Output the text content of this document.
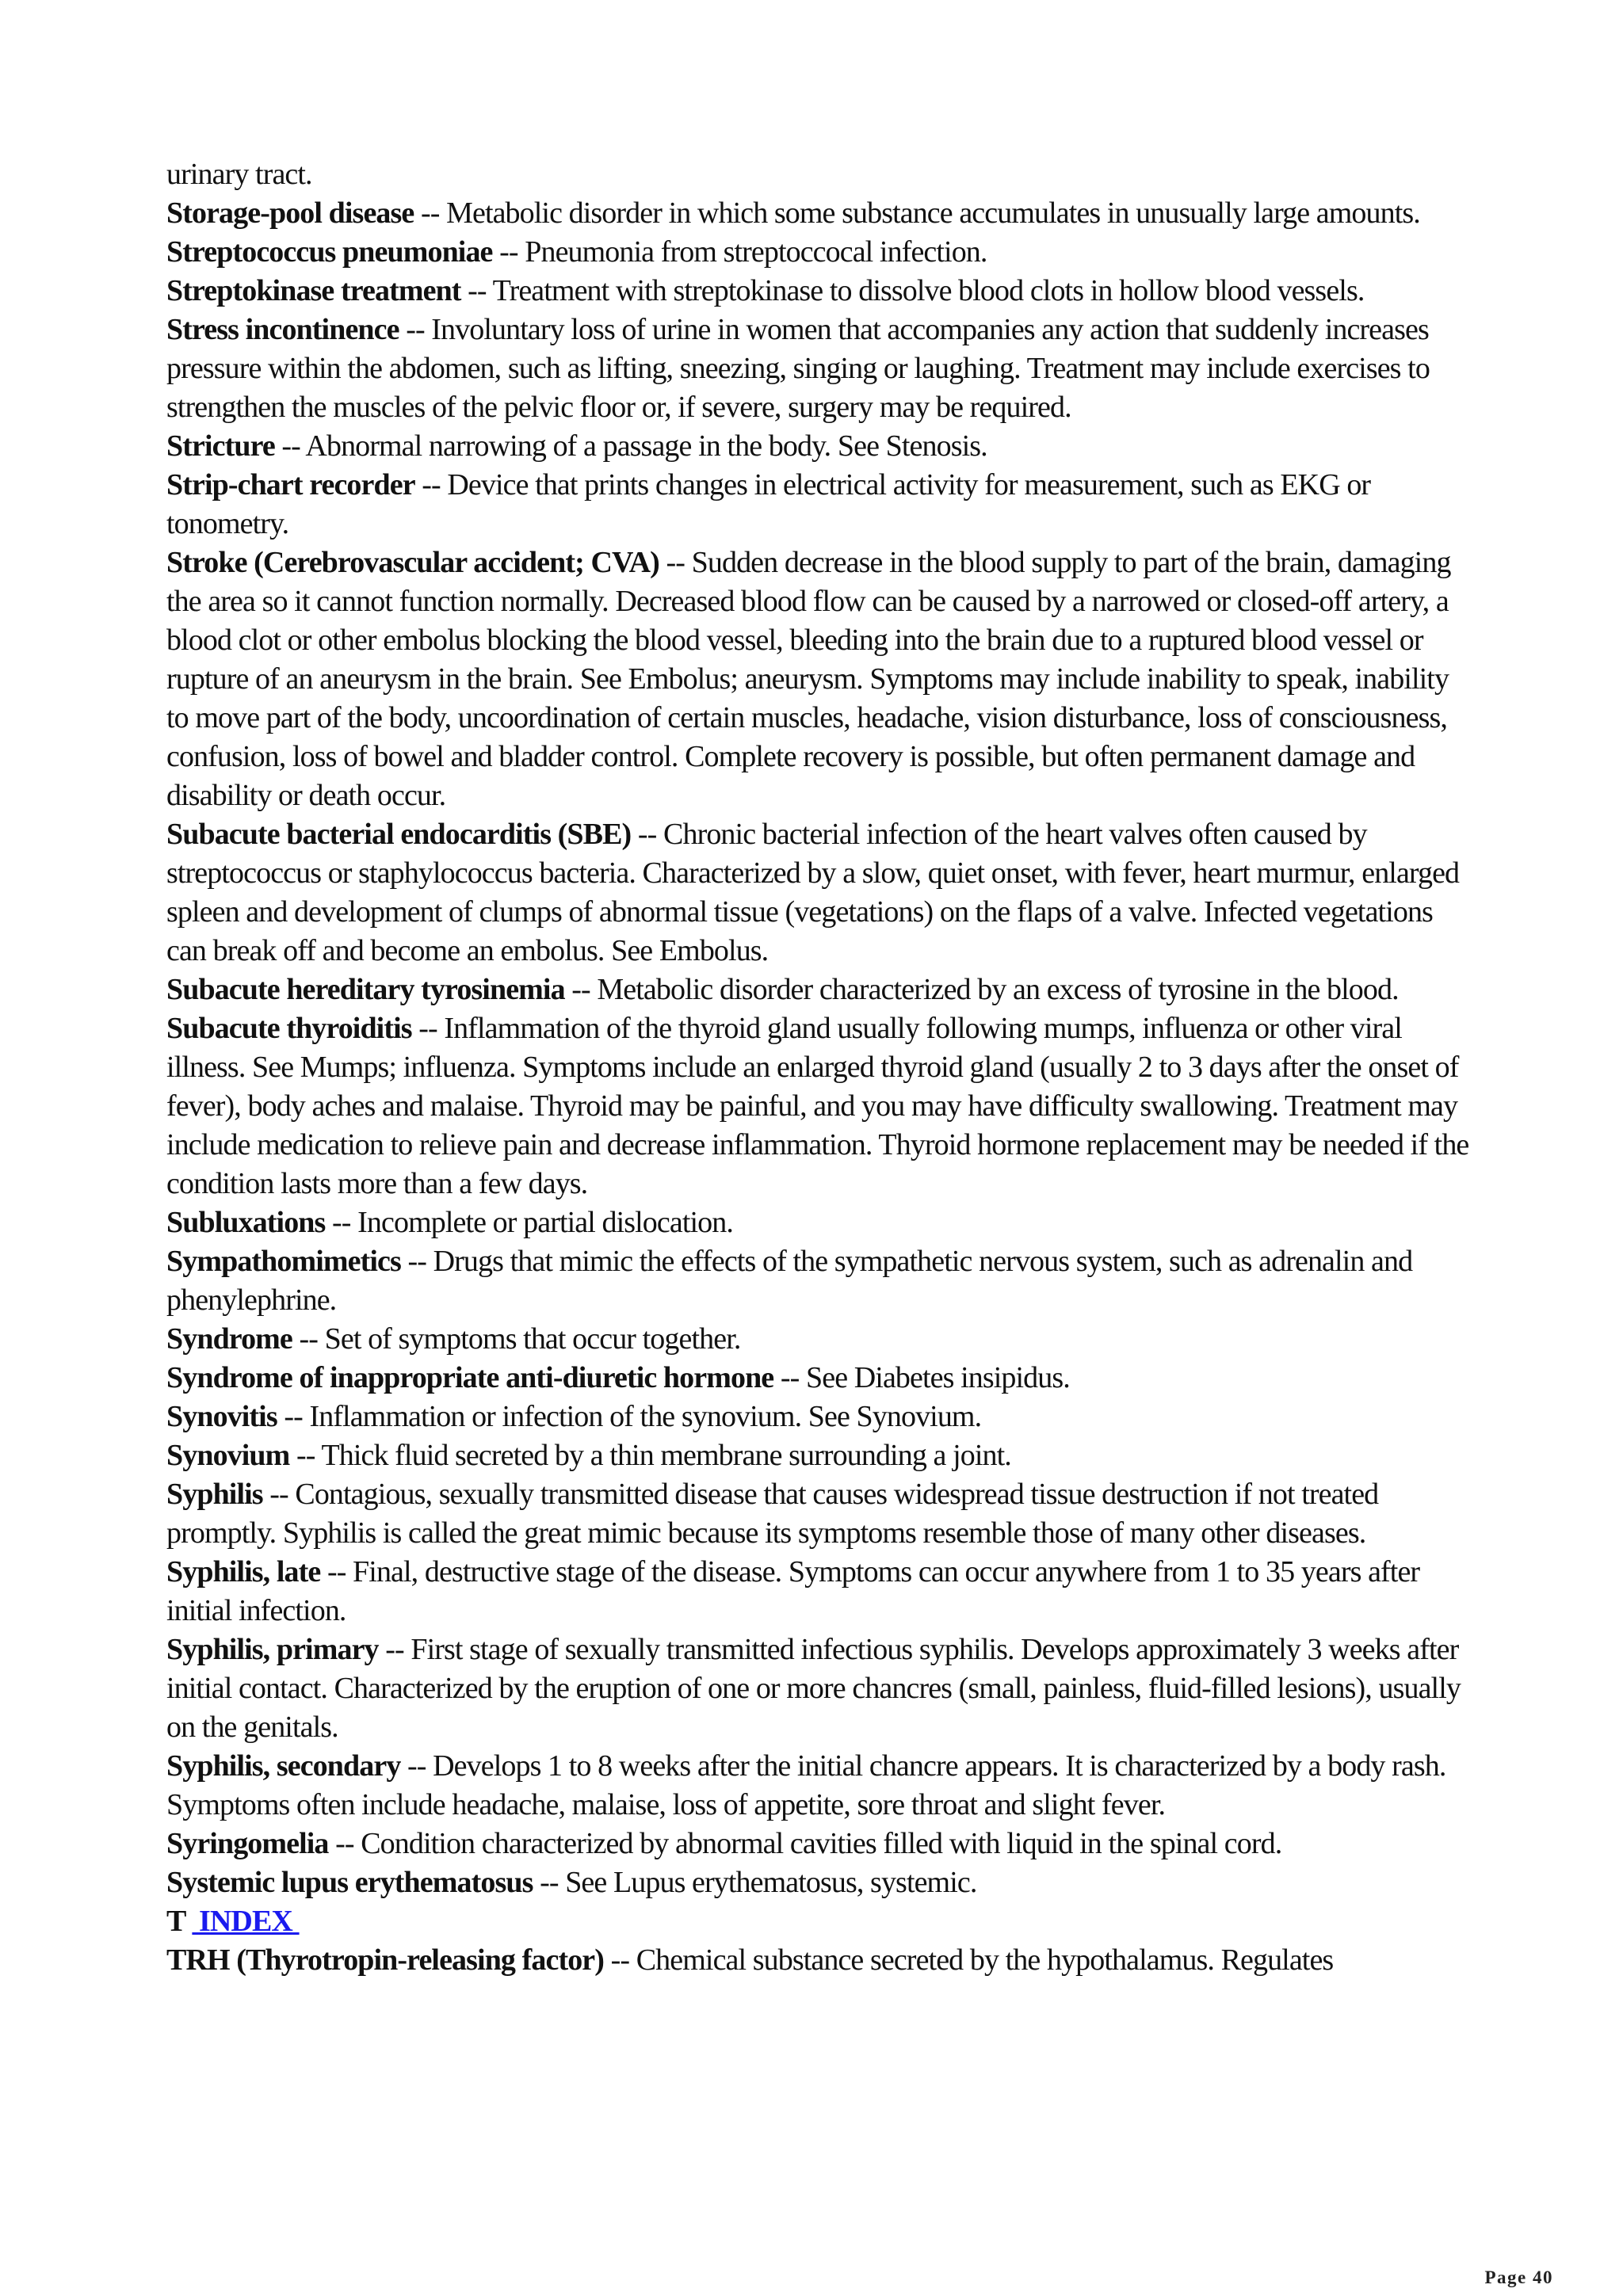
urinary tract.

Storage-pool disease -- Metabolic disorder in which some substance accumulates in unusually large amounts.

Streptococcus pneumoniae -- Pneumonia from streptoccocal infection.

Streptokinase treatment -- Treatment with streptokinase to dissolve blood clots in hollow blood vessels.

Stress incontinence -- Involuntary loss of urine in women that accompanies any action that suddenly increases pressure within the abdomen, such as lifting, sneezing, singing or laughing. Treatment may include exercises to strengthen the muscles of the pelvic floor or, if severe, surgery may be required.

Stricture -- Abnormal narrowing of a passage in the body. See Stenosis.

Strip-chart recorder -- Device that prints changes in electrical activity for measurement, such as EKG or tonometry.

Stroke (Cerebrovascular accident; CVA) -- Sudden decrease in the blood supply to part of the brain, damaging the area so it cannot function normally. Decreased blood flow can be caused by a narrowed or closed-off artery, a blood clot or other embolus blocking the blood vessel, bleeding into the brain due to a ruptured blood vessel or rupture of an aneurysm in the brain. See Embolus; aneurysm. Symptoms may include inability to speak, inability to move part of the body, uncoordination of certain muscles, headache, vision disturbance, loss of consciousness, confusion, loss of bowel and bladder control. Complete recovery is possible, but often permanent damage and disability or death occur.

Subacute bacterial endocarditis (SBE) -- Chronic bacterial infection of the heart valves often caused by streptococcus or staphylococcus bacteria. Characterized by a slow, quiet onset, with fever, heart murmur, enlarged spleen and development of clumps of abnormal tissue (vegetations) on the flaps of a valve. Infected vegetations can break off and become an embolus. See Embolus.

Subacute hereditary tyrosinemia -- Metabolic disorder characterized by an excess of tyrosine in the blood.

Subacute thyroiditis -- Inflammation of the thyroid gland usually following mumps, influenza or other viral illness. See Mumps; influenza. Symptoms include an enlarged thyroid gland (usually 2 to 3 days after the onset of fever), body aches and malaise. Thyroid may be painful, and you may have difficulty swallowing. Treatment may include medication to relieve pain and decrease inflammation. Thyroid hormone replacement may be needed if the condition lasts more than a few days.

Subluxations -- Incomplete or partial dislocation.

Sympathomimetics -- Drugs that mimic the effects of the sympathetic nervous system, such as adrenalin and phenylephrine.

Syndrome -- Set of symptoms that occur together.

Syndrome of inappropriate anti-diuretic hormone -- See Diabetes insipidus.

Synovitis -- Inflammation or infection of the synovium. See Synovium.

Synovium -- Thick fluid secreted by a thin membrane surrounding a joint.

Syphilis -- Contagious, sexually transmitted disease that causes widespread tissue destruction if not treated promptly. Syphilis is called the great mimic because its symptoms resemble those of many other diseases.

Syphilis, late -- Final, destructive stage of the disease. Symptoms can occur anywhere from 1 to 35 years after initial infection.

Syphilis, primary -- First stage of sexually transmitted infectious syphilis. Develops approximately 3 weeks after initial contact. Characterized by the eruption of one or more chancres (small, painless, fluid-filled lesions), usually on the genitals.

Syphilis, secondary -- Develops 1 to 8 weeks after the initial chancre appears. It is characterized by a body rash. Symptoms often include headache, malaise, loss of appetite, sore throat and slight fever.

Syringomelia -- Condition characterized by abnormal cavities filled with liquid in the spinal cord.

Systemic lupus erythematosus -- See Lupus erythematosus, systemic.

T INDEX

TRH (Thyrotropin-releasing factor) -- Chemical substance secreted by the hypothalamus. Regulates

Page 40
